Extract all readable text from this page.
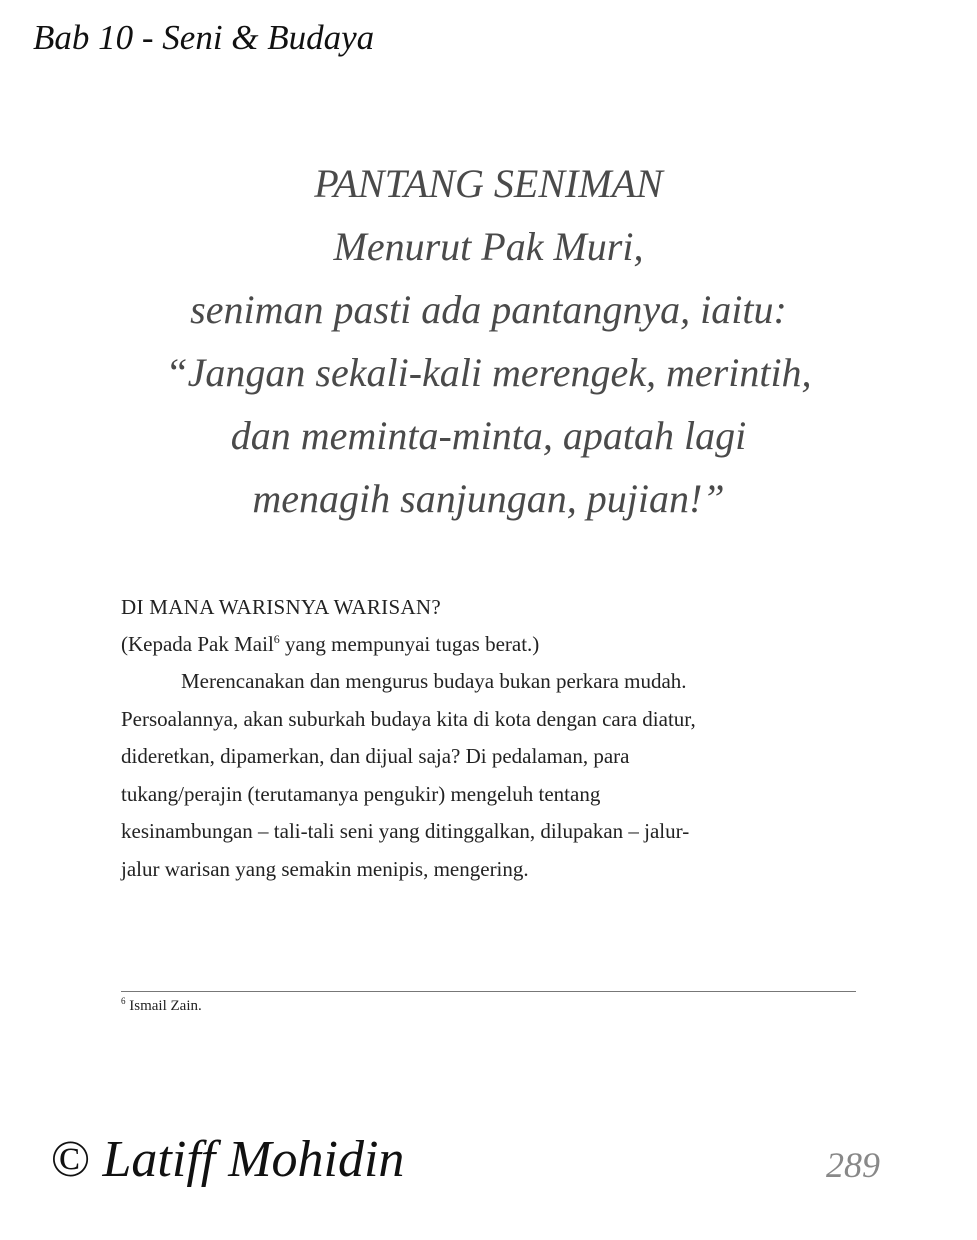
Bab 10 - Seni & Budaya
PANTANG SENIMAN
Menurut Pak Muri,
seniman pasti ada pantangnya, iaitu:
“Jangan sekali-kali merengek, merintih,
dan meminta-minta, apatah lagi
menagih sanjungan, pujian!”
DI MANA WARISNYA WARISAN?
(Kepada Pak Mail$^6$ yang mempunyai tugas berat.)
Merencanakan dan mengurus budaya bukan perkara mudah.
Persoalannya, akan suburkah budaya kita di kota dengan cara diatur,
dideretkan, dipamerkan, dan dijual saja? Di pedalaman, para
tukang/perajin (terutamanya pengukir) mengeluh tentang
kesinambungan – tali-tali seni yang ditinggalkan, dilupakan – jalur-
jalur warisan yang semakin menipis, mengering.
$^6$ Ismail Zain.
© Latiff Mohidin	289
